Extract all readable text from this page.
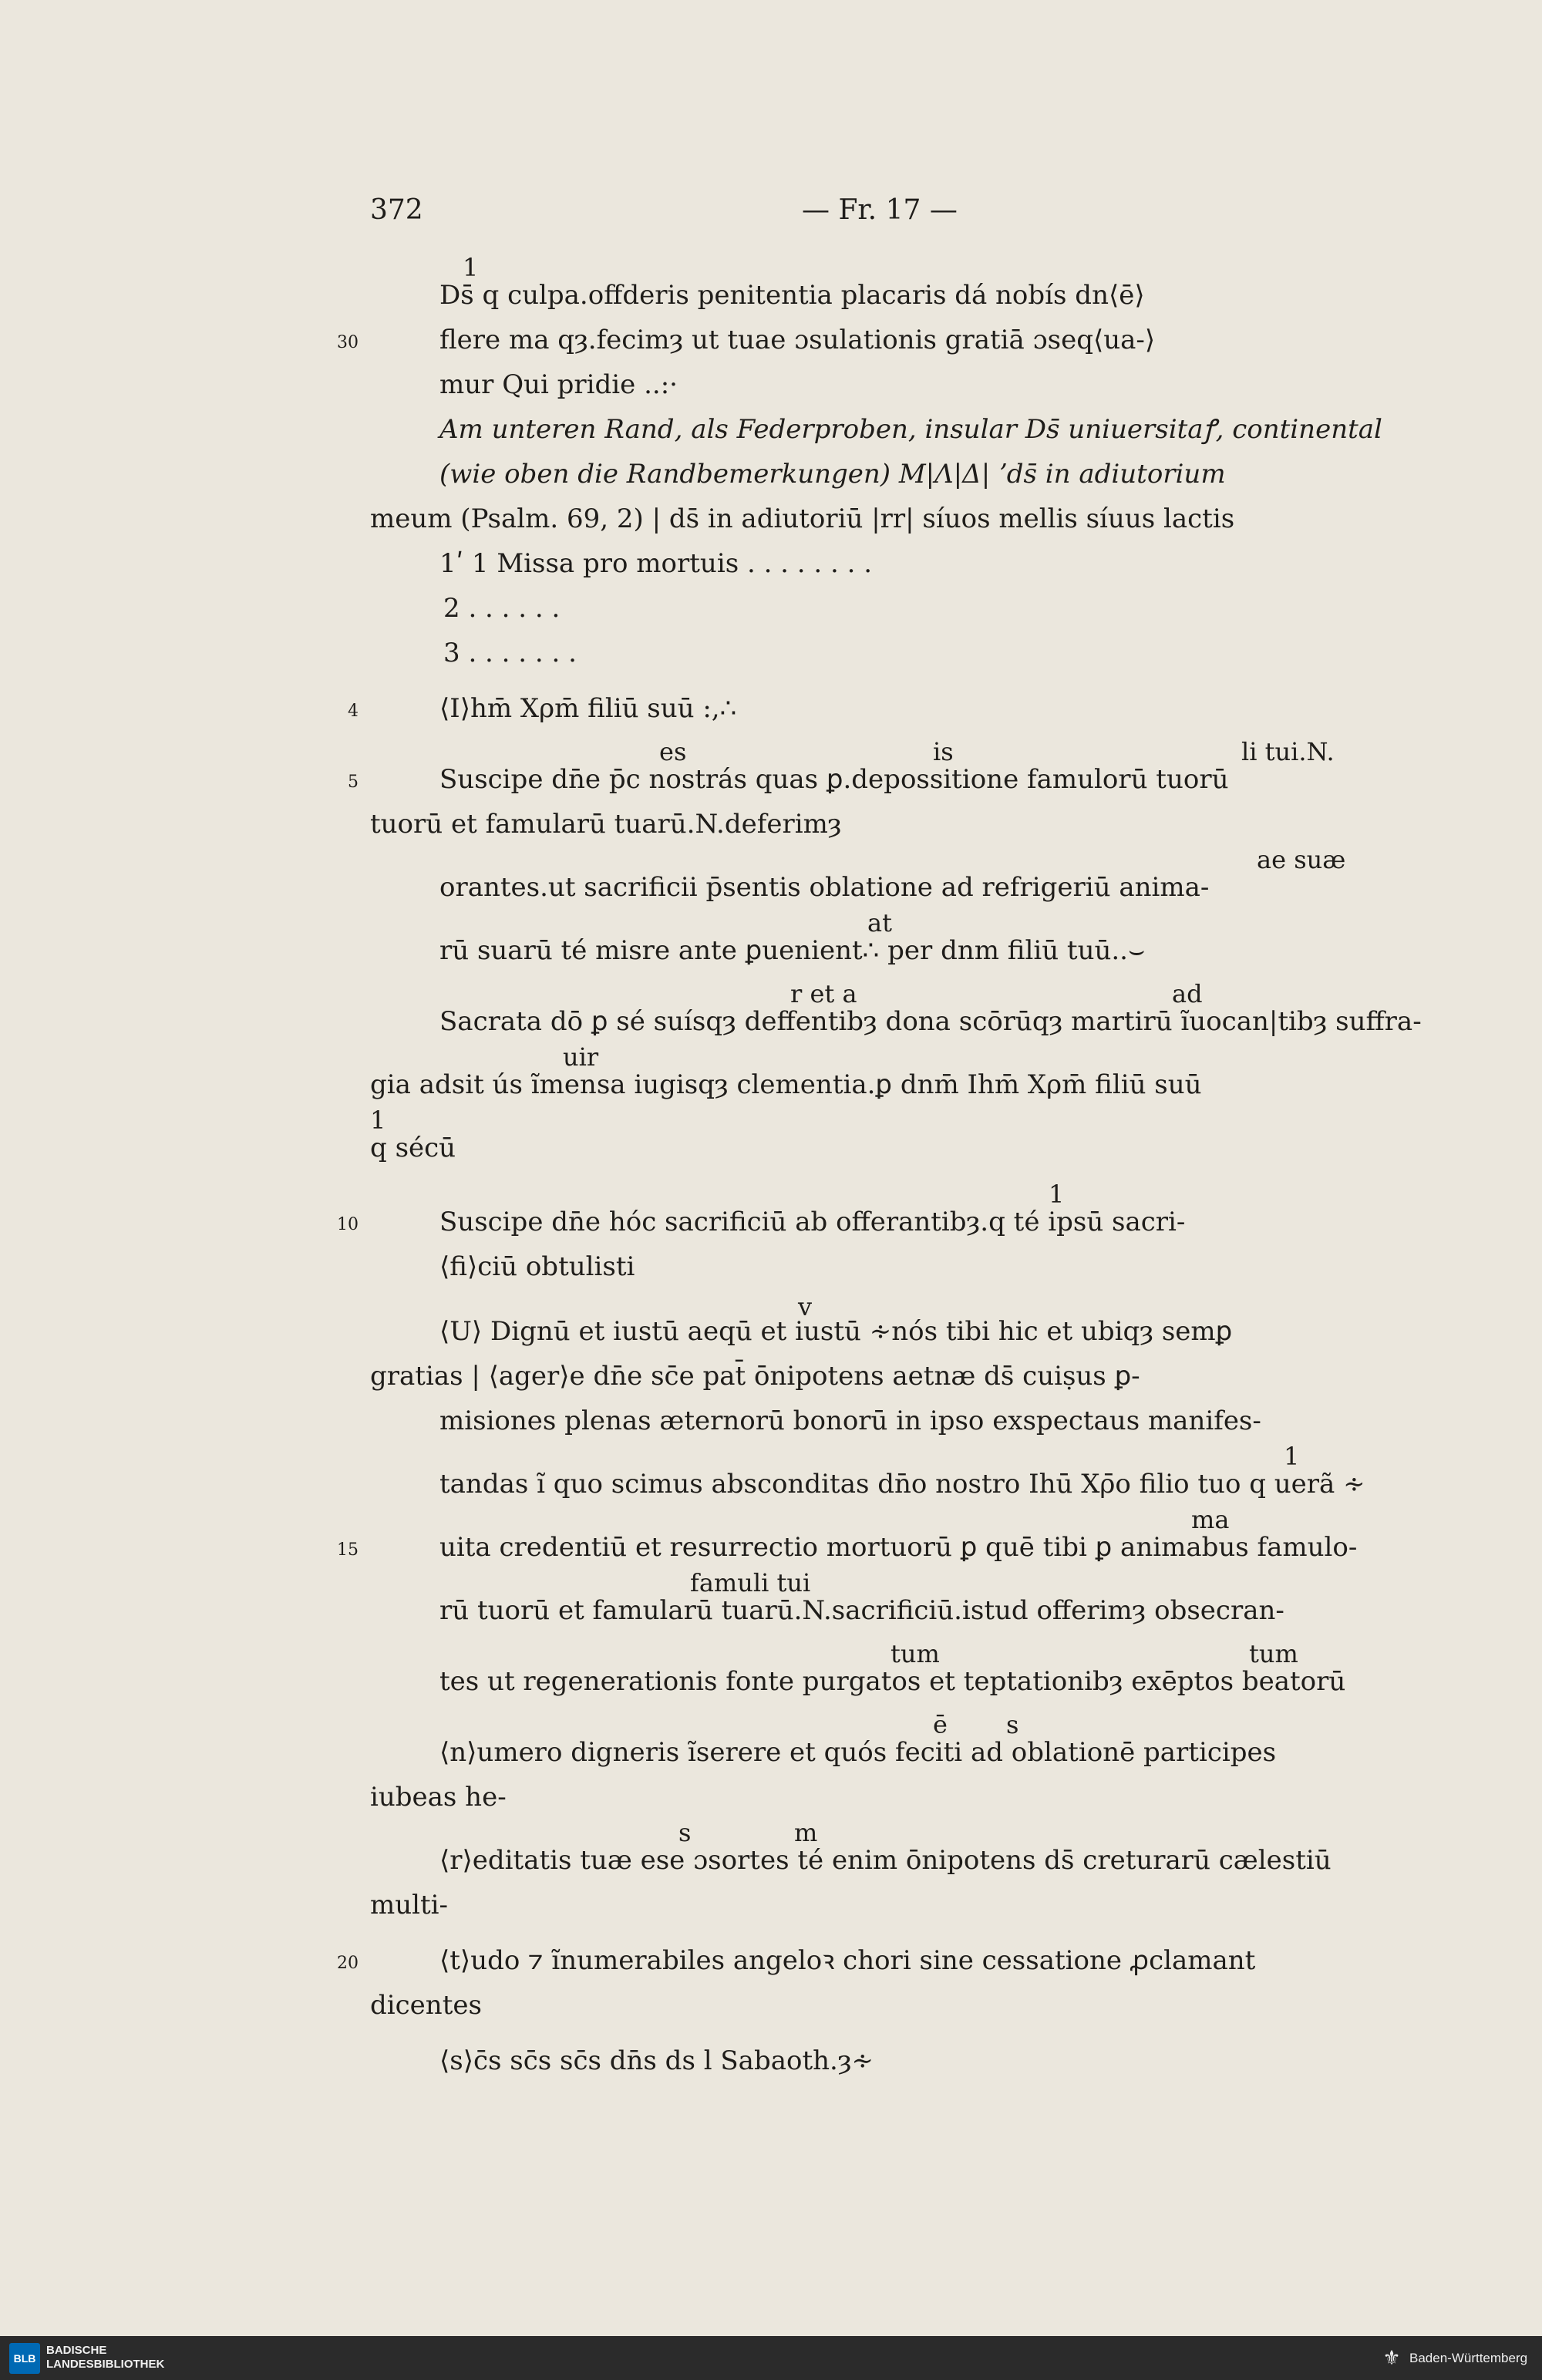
372	— Fr. 17 —
1
Ds̄ q culpa.offderis penitentia placaris dá nobís dn⟨ē⟩
30	flere ma qȝ.fecimȝ ut tuae ɔsulationis gratiā ɔseq⟨ua-⟩
mur Qui pridie ..:·
Am unteren Rand, als Federproben, insular Ds̄ uniuersitaꝭ, continental (wie oben die Randbemerkungen) M|Λ|Δ| ʼds̄ in adiutorium
meum (Psalm. 69, 2) | ds̄ in adiutoriū |rr| síuos mellis síuus lactis
1ʹ 1 Missa pro mortuis . . . . . . . .
2 . . . . . .
3 . . . . . . .
4	⟨I⟩hm̄ Xρm̄ filiū suū :,∴
es	is	li tui.N.
5	Suscipe dn̄e p̄c nostrás quas ꝑ.depossitione famulorū tuorū
tuorū et famularū tuarū.N.deferimȝ
ae suæ
orantes.ut sacrificii p̄sentis oblatione ad refrigeriū anima-
at
rū suarū té misre ante ꝑuenient∴ per dnm filiū tuū..⌣
r et a	ad
Sacrata dō ꝑ sé suísqȝ deffentibȝ dona scōrūqȝ martirū ĩuocan|tibȝ suffra-
uir
gia adsit ús ĩmensa iugisqȝ clementia.ꝑ dnm̄ Ihm̄ Xρm̄ filiū suū
1
q sécū
1
10	Suscipe dn̄e hóc sacrificiū ab offerantibȝ.q té ipsū sacri-
⟨fi⟩ciū obtulisti
v
⟨U⟩ Dignū et iustū aeqū et iustū ∻nós tibi hic et ubiqȝ semꝑ
gratias | ⟨ager⟩e dn̄e sc̄e pat̄ ōnipotens aetnæ ds̄ cuiṣus ꝑ-
misiones plenas æternorū bonorū in ipso exspectaus manifes-
1
tandas ĩ quo scimus absconditas dn̄o nostro Ihū Xρ̄o filio tuo q uerã ∻
ma
15	uita credentiū et resurrectio mortuorū ꝑ quē tibi ꝑ animabus famulo-
famuli tui
rū tuorū et famularū tuarū.N.sacrificiū.istud offerimȝ obsecran-
tum	tum
tes ut regenerationis fonte purgatos et teptationibȝ exēptos beatorū
ē s
⟨n⟩umero digneris ĩserere et quós feciti ad oblationē participes
iubeas he-
s	m
⟨r⟩editatis tuæ ese ɔsortes té enim ōnipotens ds̄ creturarū cælestiū
multi-
20	⟨t⟩udo ⁊ ĩnumerabiles angeloꝛ chori sine cessatione ꝓclamant
dicentes
⟨s⟩c̄s sc̄s sc̄s dn̄s ds l Sabaoth.ȝ∻
BLB
BADISCHE
LANDESBIBLIOTHEK	⚜ Baden-Württemberg
